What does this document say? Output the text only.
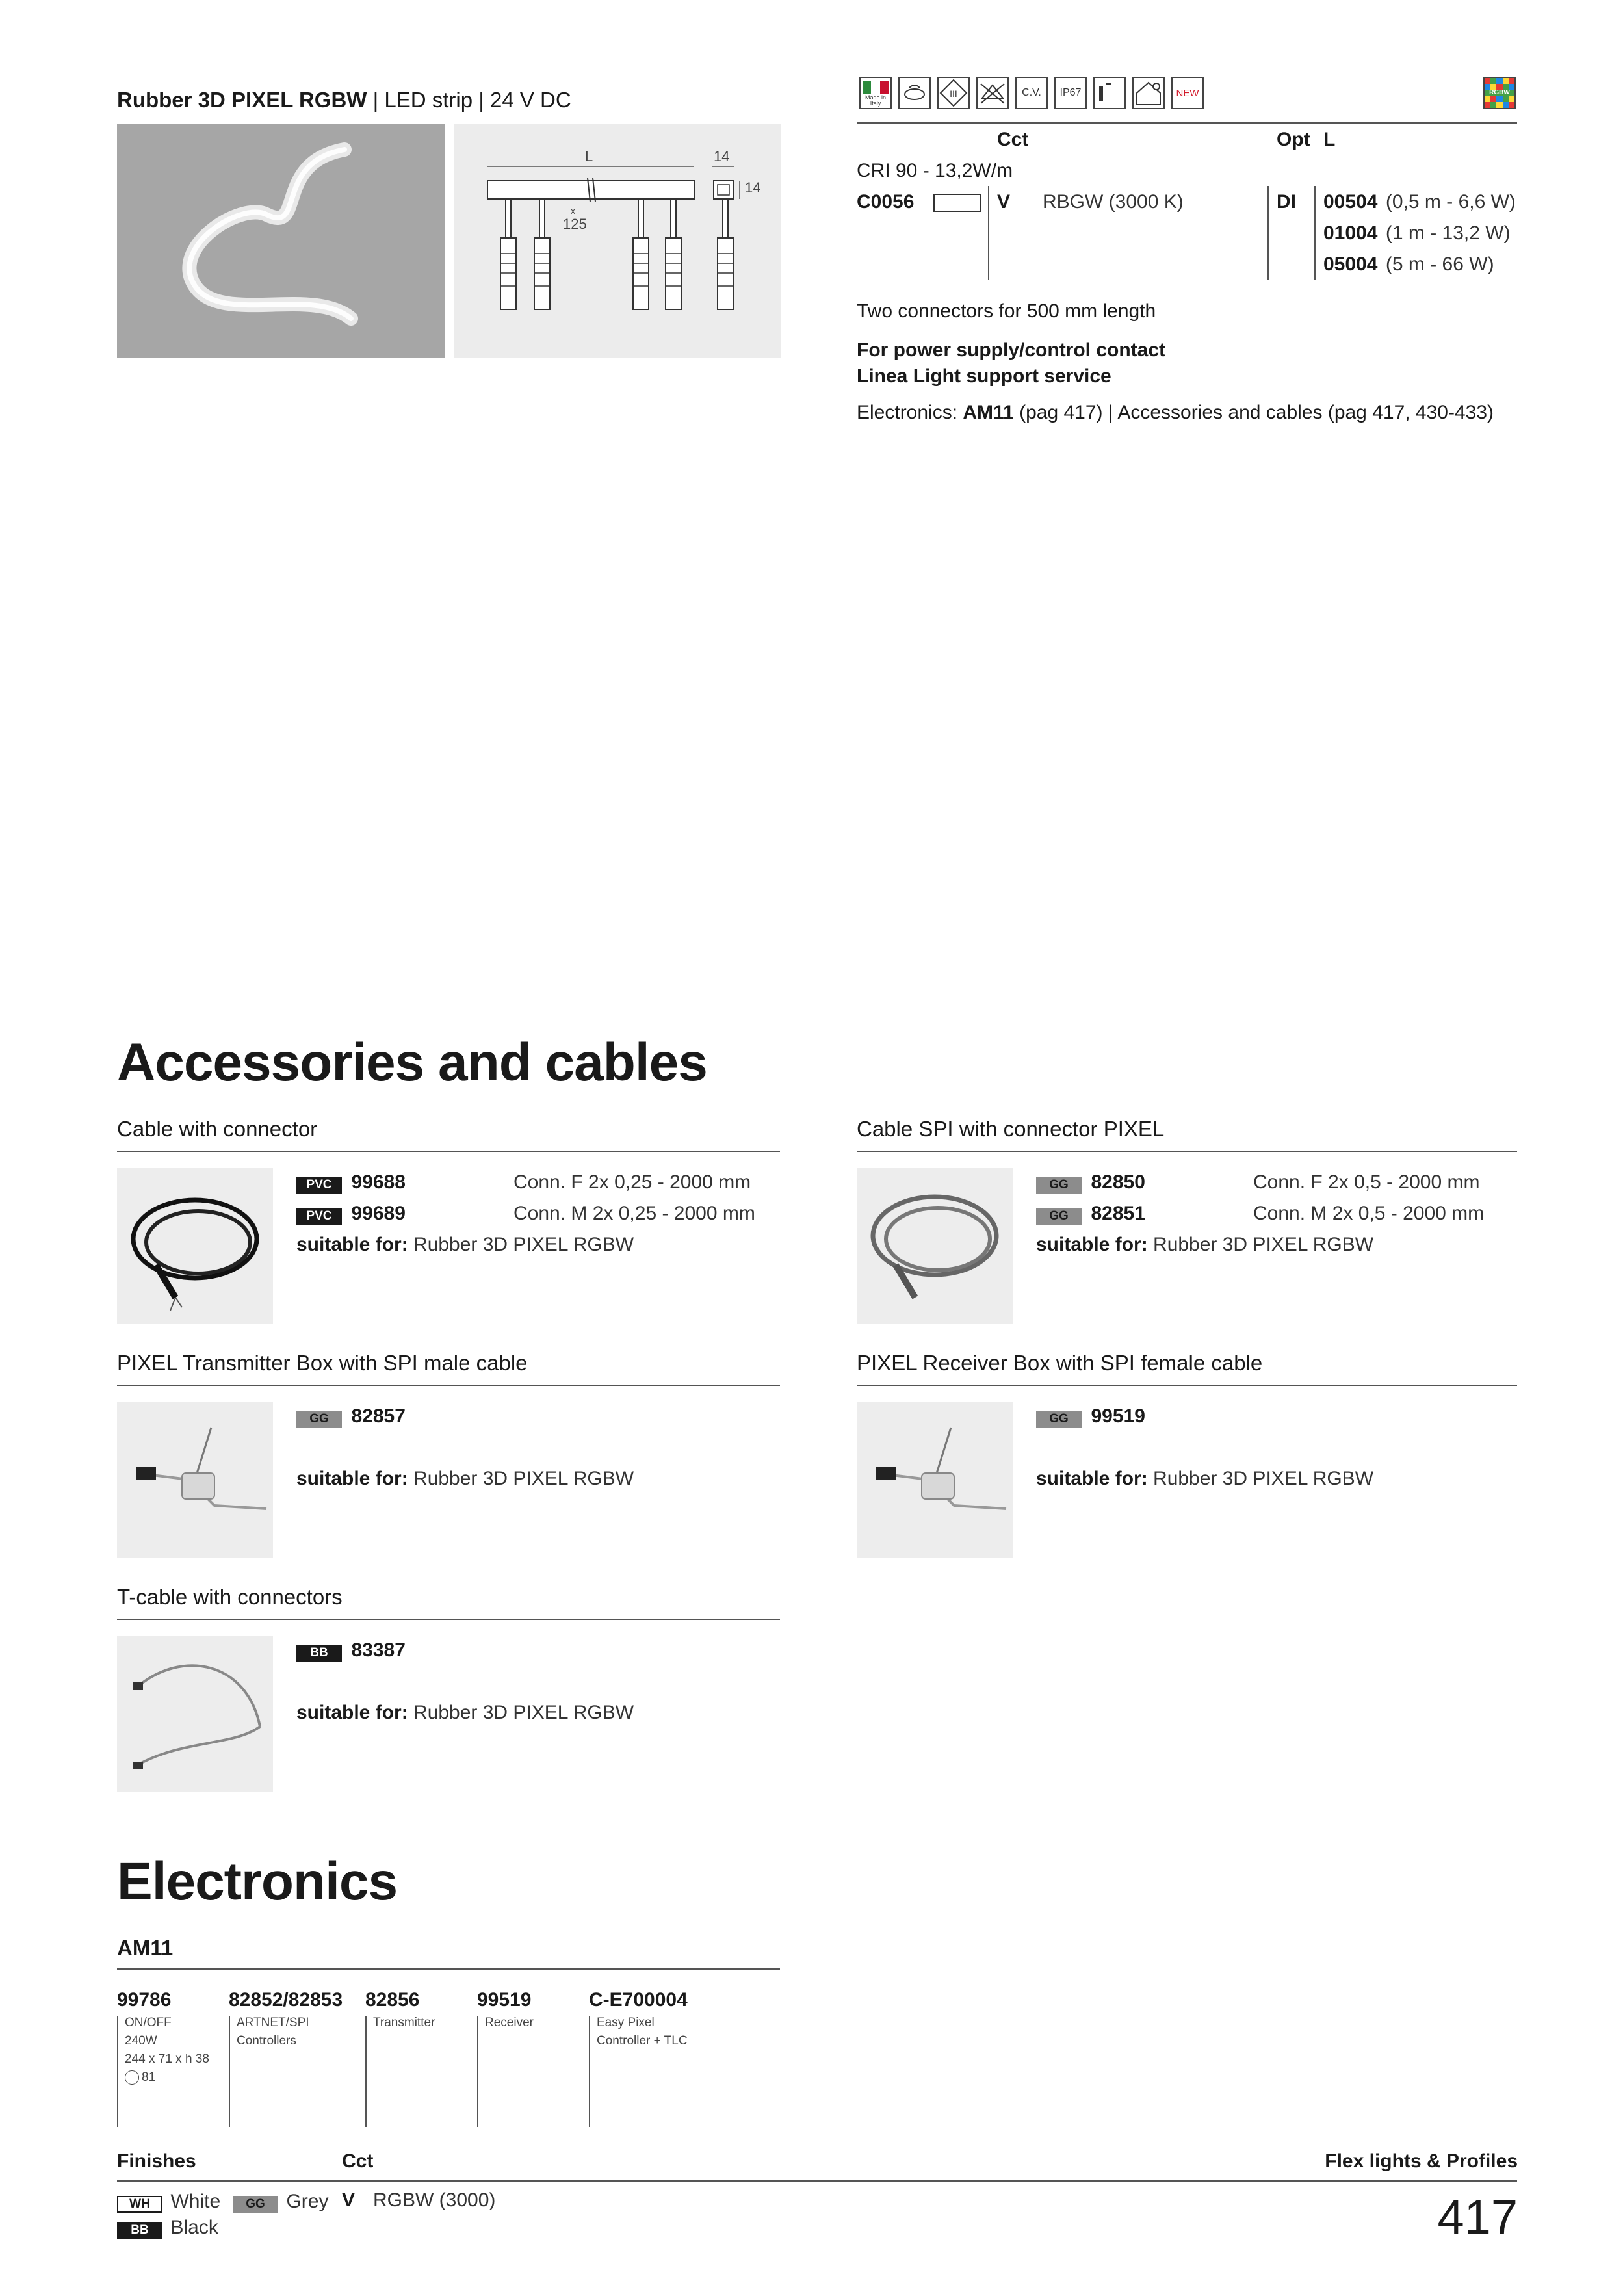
Rubber 3D PIXEL RGBW | LED strip | 24 V DC
L	14
14
x
125
Made in Italy
III	C.V.	IP67	NEW	RGBW
Cct	Opt L
CRI 90 - 13,2W/m
C0056	V RBGW (3000 K)	DI 00504 (0,5 m - 6,6 W)
01004 (1 m - 13,2 W)
05004 (5 m - 66 W)
Two connectors for 500 mm length
For power supply/control contact
Linea Light support service
Electronics: AM11 (pag 417) | Accessories and cables (pag 417, 430-433)
Accessories and cables
Cable with connector
PVC 99688	Conn. F 2x 0,25 - 2000 mm
PVC 99689	Conn. M 2x 0,25 - 2000 mm
suitable for: Rubber 3D PIXEL RGBW
Cable SPI with connector PIXEL
GG 82850	Conn. F 2x 0,5 - 2000 mm
GG 82851	Conn. M 2x 0,5 - 2000 mm
suitable for: Rubber 3D PIXEL RGBW
PIXEL Transmitter Box with SPI male cable
GG 82857
suitable for: Rubber 3D PIXEL RGBW
PIXEL Receiver Box with SPI female cable
GG 99519
suitable for: Rubber 3D PIXEL RGBW
T-cable with connectors
BB 83387
suitable for: Rubber 3D PIXEL RGBW
Electronics
AM11
99786
ON/OFF
240W
244 x 71 x h 38
81
82852/82853
ARTNET/SPI
Controllers
82856
Transmitter
99519
Receiver
C-E700004
Easy Pixel
Controller + TLC
Finishes	Cct	Flex lights & Profiles
WH White	GG Grey
BB Black
V RGBW (3000)	417
